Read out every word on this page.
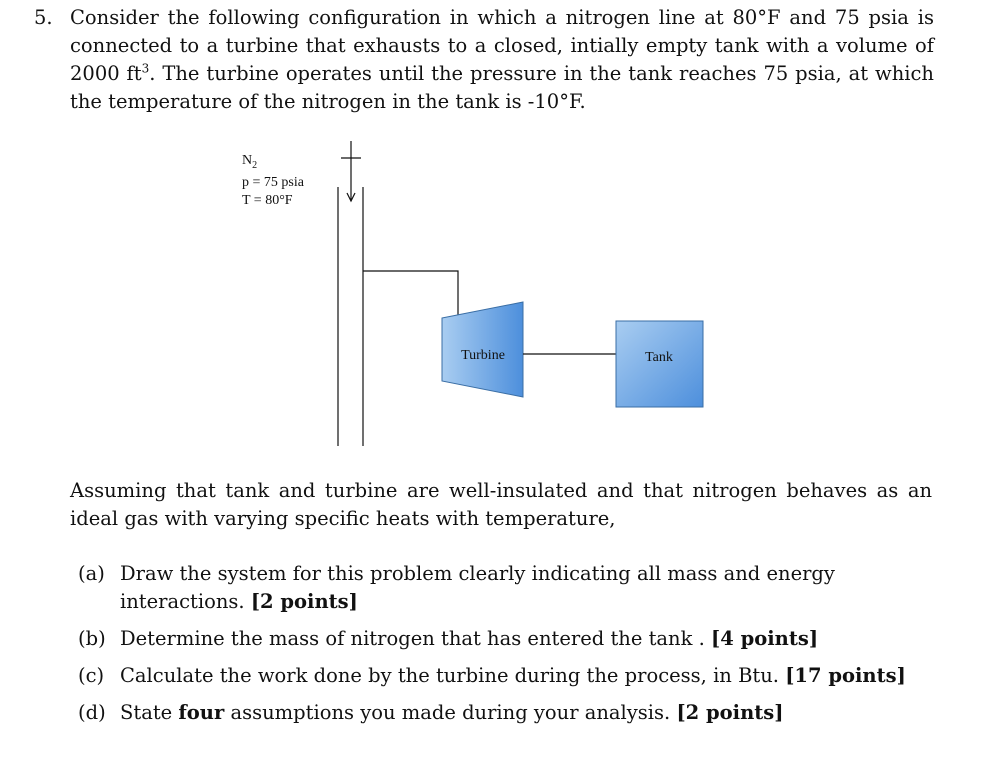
5. Consider the following configuration in which a nitrogen line at 80°F and 75 psia is connected to a turbine that exhausts to a closed, intially empty tank with a volume of 2000 $ft^3$. The turbine operates until the pressure in the tank reaches 75 psia, at which the temperature of the nitrogen in the tank is -10°F.
$N_2$
p = 75 psia
T = 80°F
Turbine	Tank
Assuming that tank and turbine are well-insulated and that nitrogen behaves as an ideal gas with varying specific heats with temperature,
(a) Draw the system for this problem clearly indicating all mass and energy interactions. [2 points]
(b) Determine the mass of nitrogen that has entered the tank . [4 points]
(c) Calculate the work done by the turbine during the process, in Btu. [17 points]
(d) State four assumptions you made during your analysis. [2 points]
